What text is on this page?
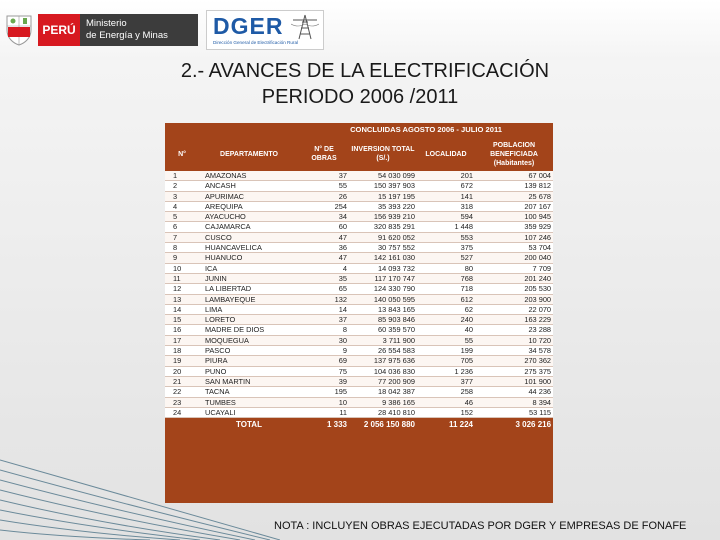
PERÚ	Ministerio
de Energía y Minas	DGER
Dirección General de Electrificación Rural
2.- AVANCES DE LA ELECTRIFICACIÓN
PERIODO 2006 /2011
		CONCLUIDAS AGOSTO 2006 - JULIO 2011			
N°	DEPARTAMENTO	N° DE OBRAS	INVERSION TOTAL (S/.)	LOCALIDAD	POBLACION BENEFICIADA (Habitantes)
1	AMAZONAS	37	54 030 099	201	67 004
2	ANCASH	55	150 397 903	672	139 812
3	APURIMAC	26	15 197 195	141	25 678
4	AREQUIPA	254	35 393 220	318	207 167
5	AYACUCHO	34	156 939 210	594	100 945
6	CAJAMARCA	60	320 835 291	1 448	359 929
7	CUSCO	47	91 620 052	553	107 246
8	HUANCAVELICA	36	30 757 552	375	53 704
9	HUANUCO	47	142 161 030	527	200 040
10	ICA	4	14 093 732	80	7 709
11	JUNIN	35	117 170 747	768	201 240
12	LA LIBERTAD	65	124 330 790	718	205 530
13	LAMBAYEQUE	132	140 050 595	612	203 900
14	LIMA	14	13 843 165	62	22 070
15	LORETO	37	85 903 846	240	163 229
16	MADRE DE DIOS	8	60 359 570	40	23 288
17	MOQUEGUA	30	3 711 900	55	10 720
18	PASCO	9	26 554 583	199	34 578
19	PIURA	69	137 975 636	705	270 362
20	PUNO	75	104 036 830	1 236	275 375
21	SAN MARTIN	39	77 200 909	377	101 900
22	TACNA	195	18 042 387	258	44 236
23	TUMBES	10	9 386 165	46	8 394
24	UCAYALI	11	28 410 810	152	53 115
	TOTAL	1 333	2 056 150 880	11 224	3 026 216
NOTA : INCLUYEN OBRAS EJECUTADAS POR DGER Y EMPRESAS DE FONAFE
